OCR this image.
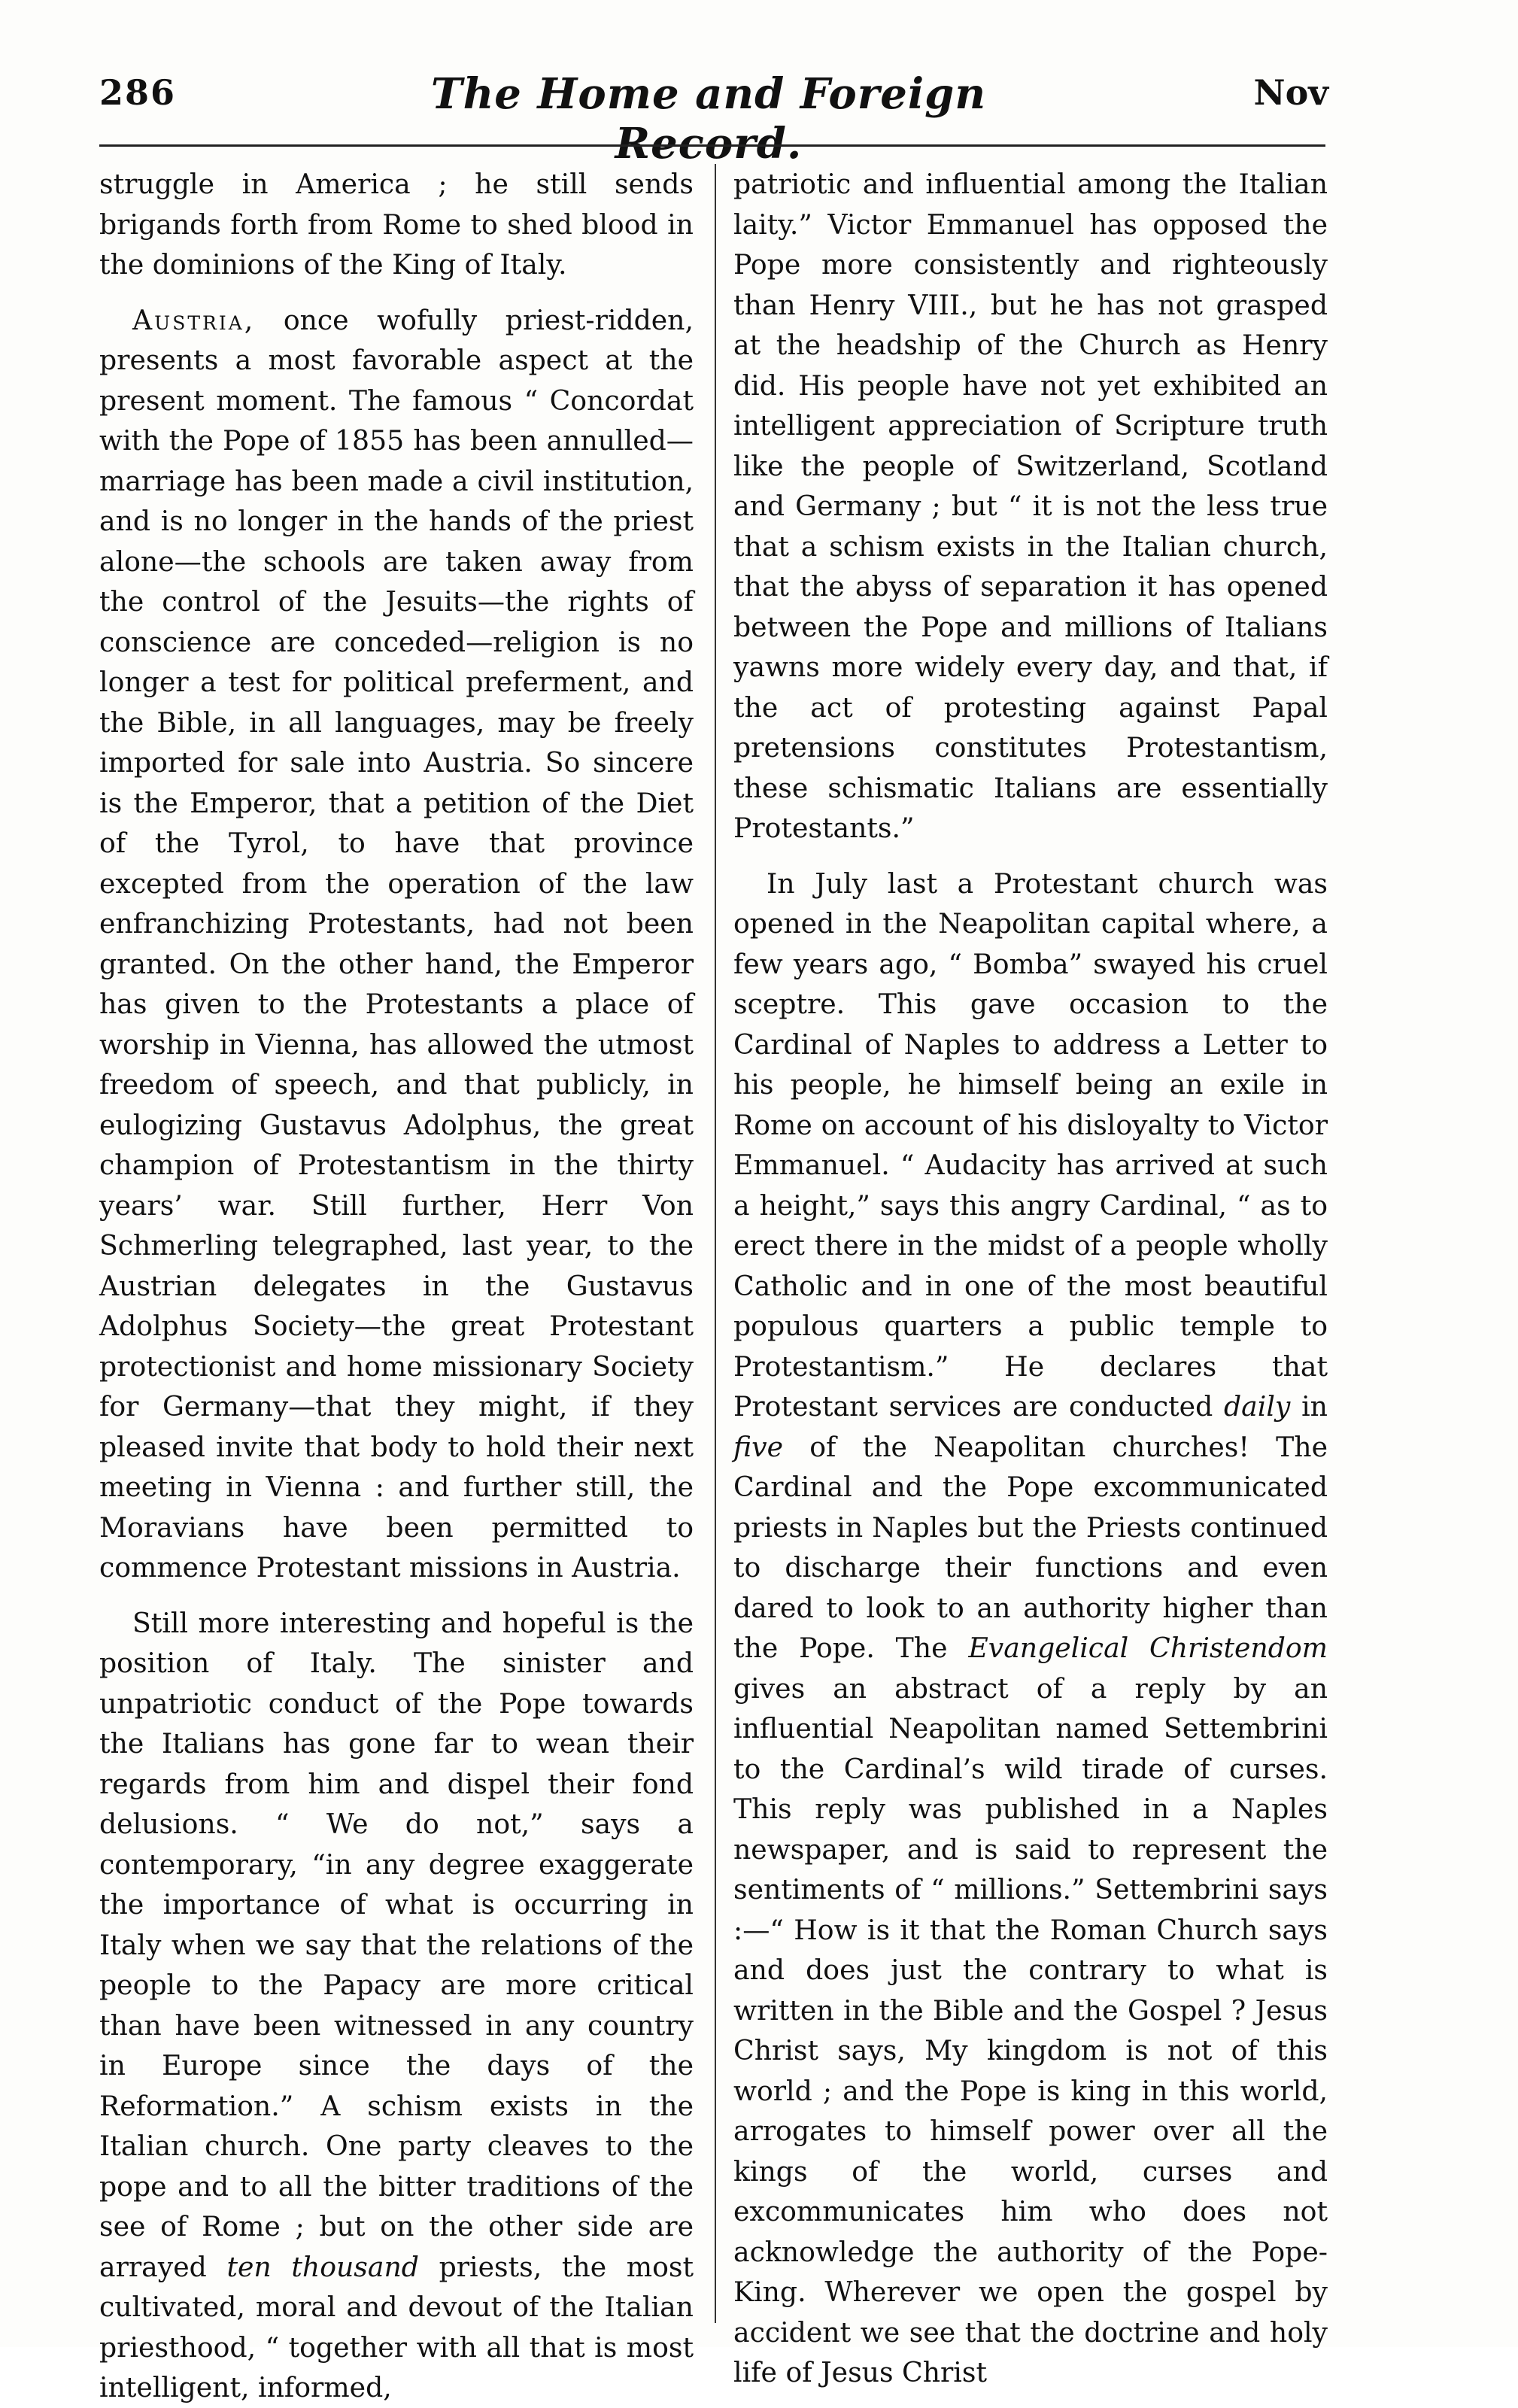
286	The Home and Foreign Record.
Nov

struggle in America ; he still sends brigands forth from Rome to shed blood in the dominions of the King of Italy.

Austria, once wofully priest-ridden, presents a most favorable aspect at the present moment. The famous “ Concordat with the Pope of 1855 has been annulled—marriage has been made a civil institution, and is no longer in the hands of the priest alone—the schools are taken away from the control of the Jesuits—the rights of conscience are conceded—religion is no longer a test for political preferment, and the Bible, in all languages, may be freely imported for sale into Austria. So sincere is the Emperor, that a petition of the Diet of the Tyrol, to have that province excepted from the operation of the law enfranchizing Protestants, had not been granted. On the other hand, the Emperor has given to the Protestants a place of worship in Vienna, has allowed the utmost freedom of speech, and that publicly, in eulogizing Gustavus Adolphus, the great champion of Protestantism in the thirty years’ war. Still further, Herr Von Schmerling telegraphed, last year, to the Austrian delegates in the Gustavus Adolphus Society—the great Protestant protectionist and home missionary Society for Germany—that they might, if they pleased invite that body to hold their next meeting in Vienna : and further still, the Moravians have been permitted to commence Protestant missions in Austria.

Still more interesting and hopeful is the position of Italy. The sinister and unpatriotic conduct of the Pope towards the Italians has gone far to wean their regards from him and dispel their fond delusions. “ We do not,” says a contemporary, “in any degree exaggerate the importance of what is occurring in Italy when we say that the relations of the people to the Papacy are more critical than have been witnessed in any country in Europe since the days of the Reformation.” A schism exists in the Italian church. One party cleaves to the pope and to all the bitter traditions of the see of Rome ; but on the other side are arrayed ten thousand priests, the most cultivated, moral and devout of the Italian priesthood, “ together with all that is most intelligent, informed,

patriotic and influential among the Italian laity.” Victor Emmanuel has opposed the Pope more consistently and righteously than Henry VIII., but he has not grasped at the headship of the Church as Henry did. His people have not yet exhibited an intelligent appreciation of Scripture truth like the people of Switzerland, Scotland and Germany ; but “ it is not the less true that a schism exists in the Italian church, that the abyss of separation it has opened between the Pope and millions of Italians yawns more widely every day, and that, if the act of protesting against Papal pretensions constitutes Protestantism, these schismatic Italians are essentially Protestants.”

In July last a Protestant church was opened in the Neapolitan capital where, a few years ago, “ Bomba” swayed his cruel sceptre. This gave occasion to the Cardinal of Naples to address a Letter to his people, he himself being an exile in Rome on account of his disloyalty to Victor Emmanuel. “ Audacity has arrived at such a height,” says this angry Cardinal, “ as to erect there in the midst of a people wholly Catholic and in one of the most beautiful populous quarters a public temple to Protestantism.” He declares that Protestant services are conducted daily in five of the Neapolitan churches! The Cardinal and the Pope excommunicated priests in Naples but the Priests continued to discharge their functions and even dared to look to an authority higher than the Pope. The Evangelical Christendom gives an abstract of a reply by an influential Neapolitan named Settembrini to the Cardinal’s wild tirade of curses. This reply was published in a Naples newspaper, and is said to represent the sentiments of “ millions.” Settembrini says :—“ How is it that the Roman Church says and does just the contrary to what is written in the Bible and the Gospel ? Jesus Christ says, My kingdom is not of this world ; and the Pope is king in this world, arrogates to himself power over all the kings of the world, curses and excommunicates him who does not acknowledge the authority of the Pope-King. Wherever we open the gospel by accident we see that the doctrine and holy life of Jesus Christ
